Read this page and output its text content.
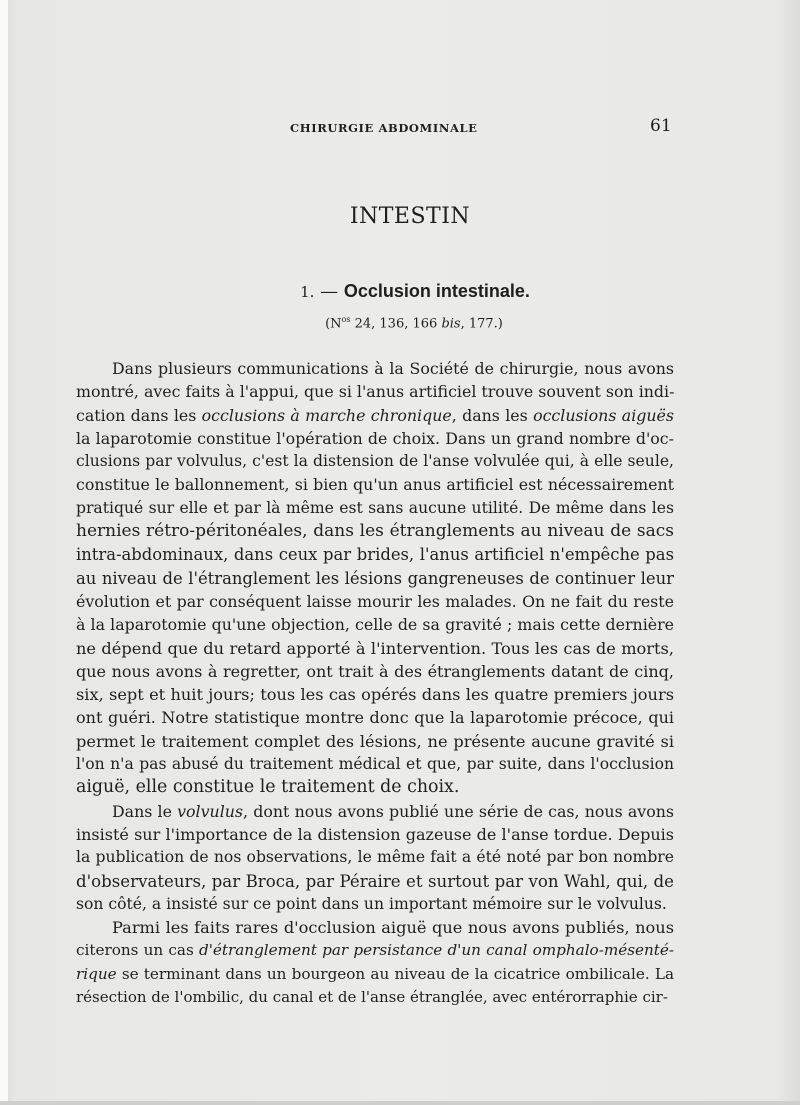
CHIRURGIE ABDOMINALE	61
INTESTIN
1. — Occlusion intestinale.
($N^{os}$ 24, 136, 166 bis, 177.)
Dans plusieurs communications à la Société de chirurgie, nous avons
montré, avec faits à l'appui, que si l'anus artificiel trouve souvent son indi-
cation dans les occlusions à marche chronique, dans les occlusions aiguës
la laparotomie constitue l'opération de choix. Dans un grand nombre d'oc-
clusions par volvulus, c'est la distension de l'anse volvulée qui, à elle seule,
constitue le ballonnement, si bien qu'un anus artificiel est nécessairement
pratiqué sur elle et par là même est sans aucune utilité. De même dans les
hernies rétro-péritonéales, dans les étranglements au niveau de sacs
intra-abdominaux, dans ceux par brides, l'anus artificiel n'empêche pas
au niveau de l'étranglement les lésions gangreneuses de continuer leur
évolution et par conséquent laisse mourir les malades. On ne fait du reste
à la laparotomie qu'une objection, celle de sa gravité ; mais cette dernière
ne dépend que du retard apporté à l'intervention. Tous les cas de morts,
que nous avons à regretter, ont trait à des étranglements datant de cinq,
six, sept et huit jours; tous les cas opérés dans les quatre premiers jours
ont guéri. Notre statistique montre donc que la laparotomie précoce, qui
permet le traitement complet des lésions, ne présente aucune gravité si
l'on n'a pas abusé du traitement médical et que, par suite, dans l'occlusion
aiguë, elle constitue le traitement de choix.
Dans le volvulus, dont nous avons publié une série de cas, nous avons
insisté sur l'importance de la distension gazeuse de l'anse tordue. Depuis
la publication de nos observations, le même fait a été noté par bon nombre
d'observateurs, par Broca, par Péraire et surtout par von Wahl, qui, de
son côté, a insisté sur ce point dans un important mémoire sur le volvulus.
Parmi les faits rares d'occlusion aiguë que nous avons publiés, nous
citerons un cas d'étranglement par persistance d'un canal omphalo-mésenté-
rique se terminant dans un bourgeon au niveau de la cicatrice ombilicale. La
résection de l'ombilic, du canal et de l'anse étranglée, avec entérorraphie cir-
